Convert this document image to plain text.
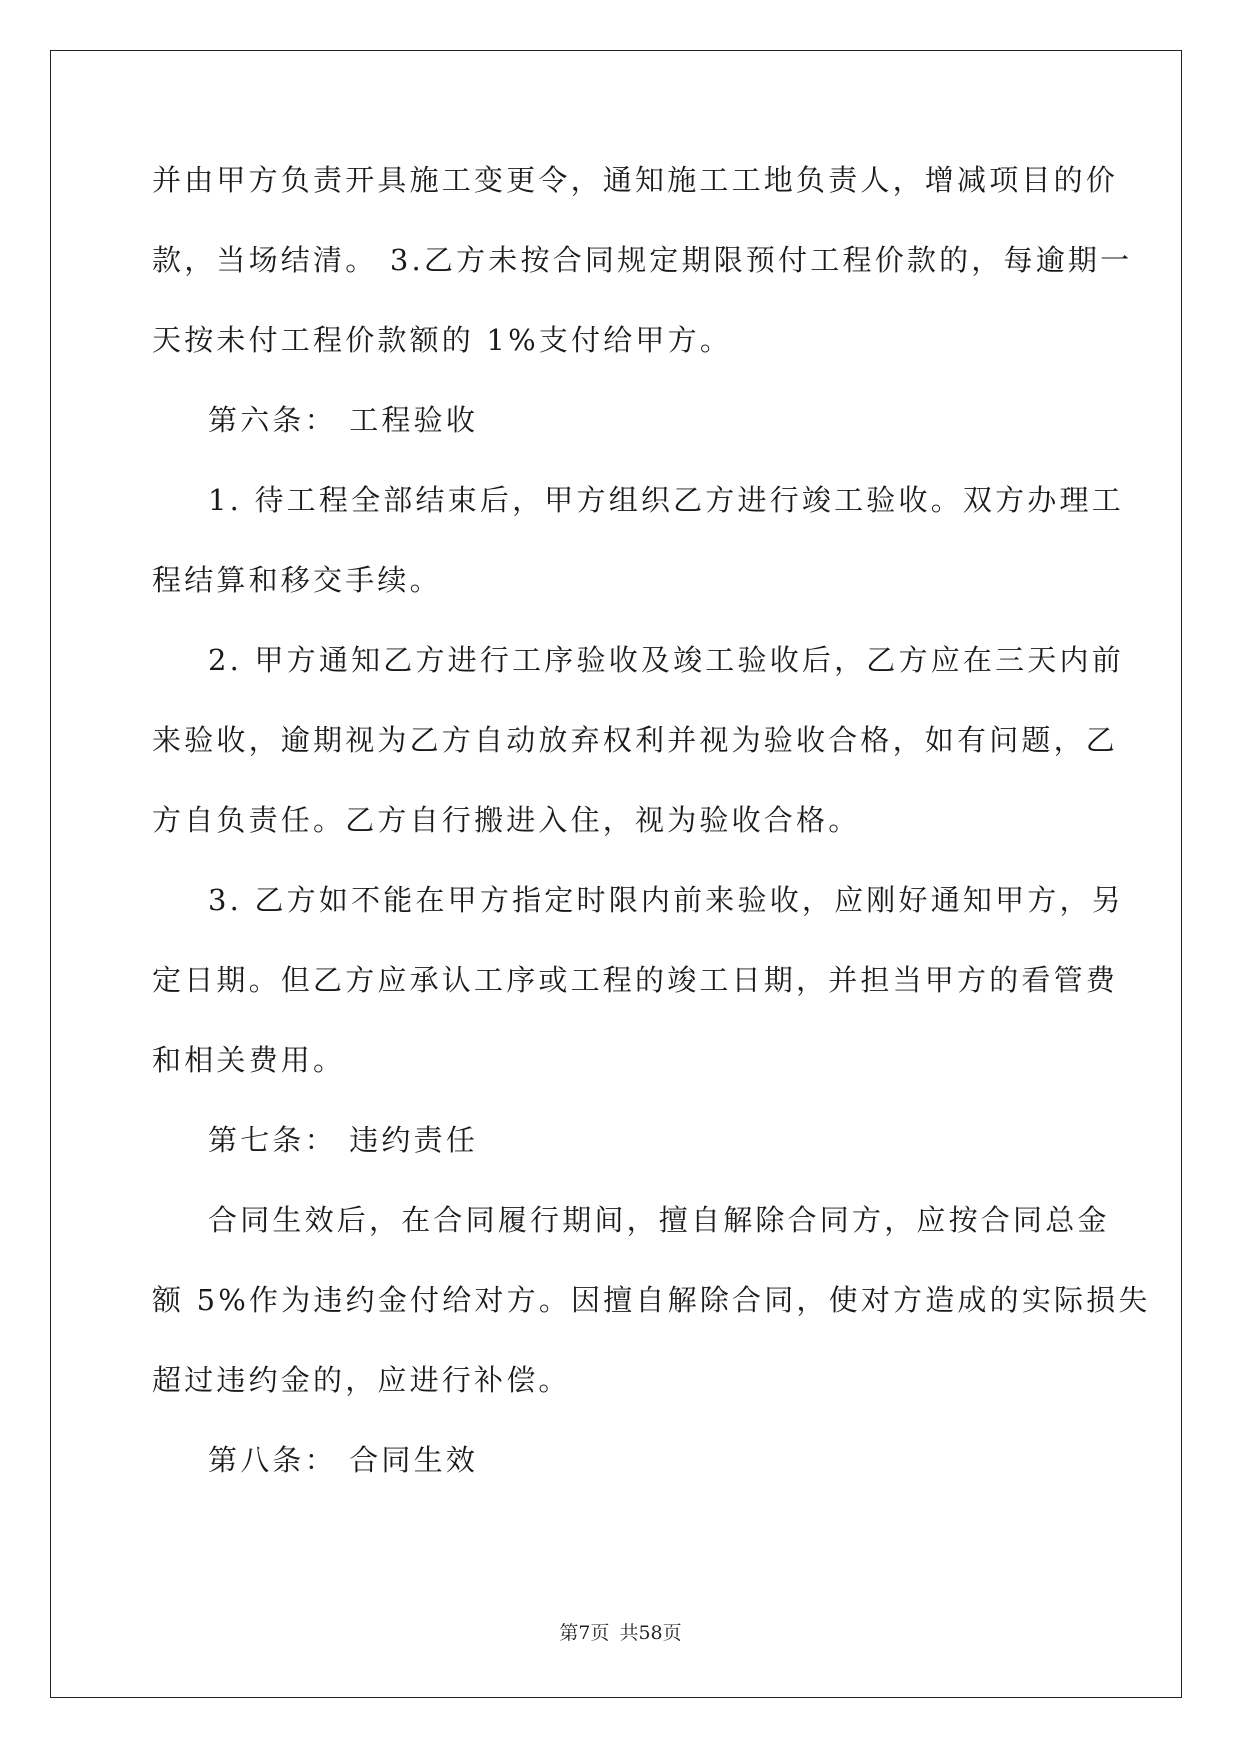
并由甲方负责开具施工变更令，通知施工工地负责人，增减项目的价
款，当场结清。 3.乙方未按合同规定期限预付工程价款的，每逾期一
天按未付工程价款额的 1%支付给甲方。
第六条： 工程验收
1. 待工程全部结束后，甲方组织乙方进行竣工验收。双方办理工
程结算和移交手续。
2. 甲方通知乙方进行工序验收及竣工验收后，乙方应在三天内前
来验收，逾期视为乙方自动放弃权利并视为验收合格，如有问题，乙
方自负责任。乙方自行搬进入住，视为验收合格。
3. 乙方如不能在甲方指定时限内前来验收，应刚好通知甲方，另
定日期。但乙方应承认工序或工程的竣工日期，并担当甲方的看管费
和相关费用。
第七条： 违约责任
合同生效后，在合同履行期间，擅自解除合同方，应按合同总金
额 5%作为违约金付给对方。因擅自解除合同，使对方造成的实际损失
超过违约金的，应进行补偿。
第八条： 合同生效
第7页 共58页
